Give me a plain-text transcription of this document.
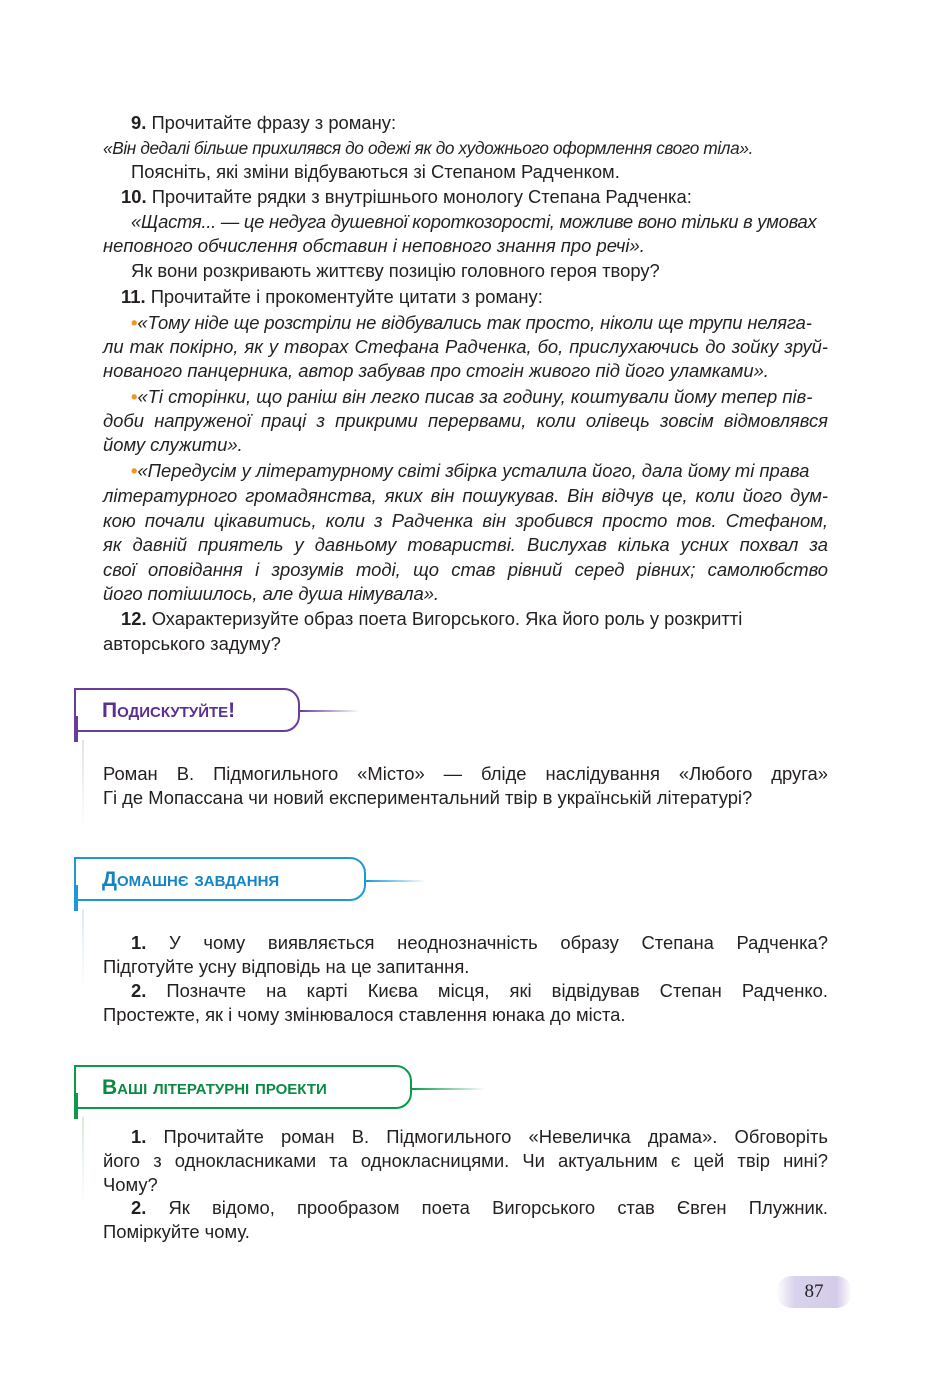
9. Прочитайте фразу з роману:
«Він дедалі більше прихилявся до одежі як до художнього оформлення свого тіла».
Поясніть, які зміни відбуваються зі Степаном Радченком.
10. Прочитайте рядки з внутрішнього монологу Степана Радченка:
«Щастя... — це недуга душевної короткозорості, можливе воно тільки в умовах
неповного обчислення обставин і неповного знання про речі».
Як вони розкривають життєву позицію головного героя твору?
11. Прочитайте і прокоментуйте цитати з роману:
•«Тому ніде ще розстріли не відбувались так просто, ніколи ще трупи неляга-
ли так покірно, як у творах Стефана Радченка, бо, прислухаючись до зойку зруй-
нованого панцерника, автор забував про стогін живого під його уламками».
•«Ті сторінки, що раніш він легко писав за годину, коштували йому тепер пів-
доби напруженої праці з прикрими перервами, коли олівець зовсім відмовлявся
йому служити».
•«Передусім у літературному світі збірка усталила його, дала йому ті права
літературного громадянства, яких він пошукував. Він відчув це, коли його дум-
кою почали цікавитись, коли з Радченка він зробився просто тов. Стефаном,
як давній приятель у давньому товаристві. Вислухав кілька усних похвал за
свої оповідання і зрозумів тоді, що став рівний серед рівних; самолюбство
його потішилось, але душа німувала».
12. Охарактеризуйте образ поета Вигорського. Яка його роль у розкритті
авторського задуму?
Подискутуйте!
Роман В. Підмогильного «Місто» — бліде наслідування «Любого друга»
Гі де Мопассана чи новий експериментальний твір в українській літературі?
Домашнє завдання
1. У чому виявляється неоднозначність образу Степана Радченка?
Підготуйте усну відповідь на це запитання.
2. Позначте на карті Києва місця, які відвідував Степан Радченко.
Простежте, як і чому змінювалося ставлення юнака до міста.
Ваші літературні проекти
1. Прочитайте роман В. Підмогильного «Невеличка драма». Обговоріть
його з однокласниками та однокласницями. Чи актуальним є цей твір нині?
Чому?
2. Як відомо, прообразом поета Вигорського став Євген Плужник.
Поміркуйте чому.
87
